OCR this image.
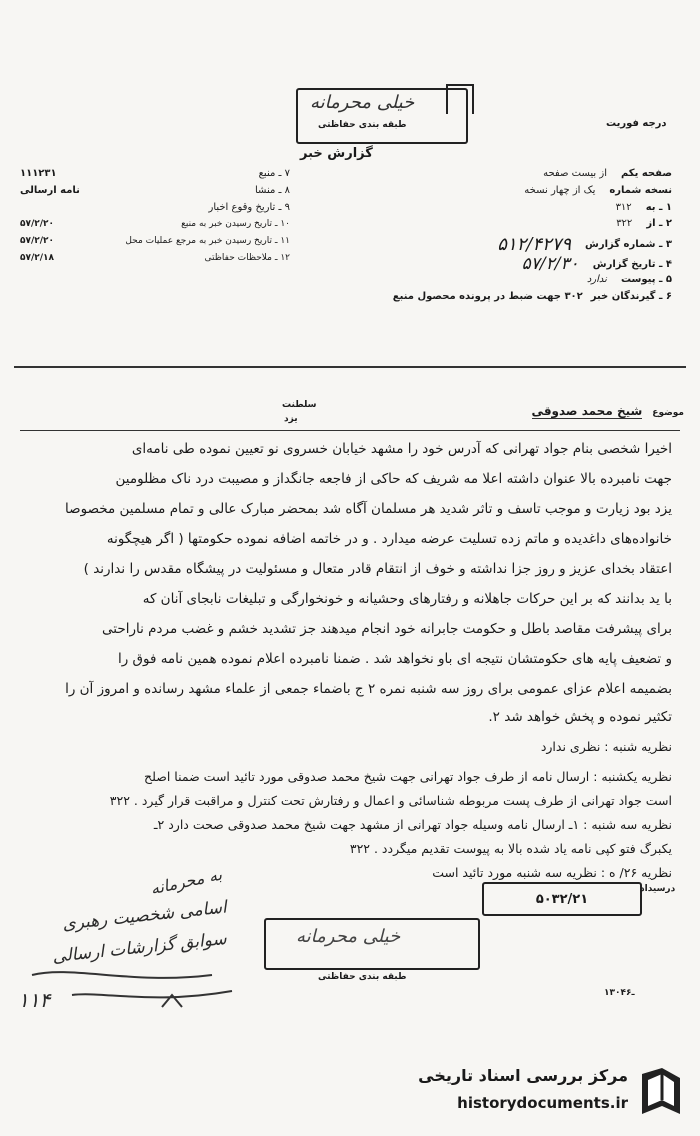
خیلی محرمانه
طبقه بندی حفاظتی
گزارش خبر
درجه فوریت
۷ ـ منبع
۱۱۱۲۳۱
۸ ـ منشا
نامه ارسالی
۹ ـ تاریخ وقوع اخبار
۱۰ ـ تاریخ رسیدن خبر به منبع
۵۷/۲/۲۰
۱۱ ـ تاریخ رسیدن خبر به مرجع عملیات محل
۵۷/۲/۲۰
۱۲ ـ ملاحظات حفاظتی
۵۷/۲/۱۸
صفحه یکم
از بیست صفحه
نسخه شماره
یک از چهار نسخه
۱ ـ به
۳۱۲
۲ ـ از
۳۲۲
۳ ـ شماره گزارش
۵۱۲/۴۲۷۹
۴ ـ تاریخ گزارش
۵۷/۲/۳۰
۵ ـ پیوست
ندارد
۶ ـ گیرندگان خبر
۳۰۲ جهت ضبط در پرونده محصول منبع
موضوع
شیخ محمد صدوقی
سلطنت
یزد
اخیرا شخصی بنام جواد تهرانی که آدرس خود را مشهد خیابان خسروی نو تعیین نموده طی نامه‌ای
جهت نامبرده بالا عنوان داشته اعلا مه شریف که حاکی از فاجعه جانگداز و مصیبت درد ناک مظلومین
یزد بود زیارت و موجب تاسف و تاثر شدید هر مسلمان آگاه شد بمحضر مبارک عالی و تمام مسلمین مخصوصا
خانواده‌های داغدیده و ماتم زده تسلیت عرضه میدارد . و در خاتمه اضافه نموده حکومتها ( اگر هیچگونه
اعتقاد بخدای عزیز و روز جزا نداشته و خوف از انتقام قادر متعال و مسئولیت در پیشگاه مقدس را ندارند )
با ید بدانند که بر این حرکات جاهلانه و رفتارهای وحشیانه و خونخوارگی و تبلیغات نابجای آنان که
برای پیشرفت مقاصد باطل و حکومت جابرانه خود انجام میدهند جز تشدید خشم و غضب مردم ناراحتی
و تضعیف پایه های حکومتشان نتیجه ای باو نخواهد شد . ضمنا نامبرده اعلام نموده همین نامه فوق را
بضمیمه اعلام عزای عمومی برای روز سه شنبه نمره ۲ ج باضماء جمعی از علماء مشهد رسانده و امروز آن را
تکثیر نموده و پخش خواهد شد ۲.
نظریه شنبه : نظری ندارد
نظریه یکشنبه : ارسال نامه از طرف جواد تهرانی جهت شیخ محمد صدوقی مورد تائید است ضمنا اصلح
است جواد تهرانی از طرف پست مربوطه شناسائی و اعمال و رفتارش تحت کنترل و مراقبت قرار گیرد . ۳۲۲
نظریه سه شنبه : ۱ـ ارسال نامه وسیله جواد تهرانی از مشهد جهت شیخ محمد صدوقی صحت دارد ۲ـ
یکبرگ فتو کپی نامه یاد شده بالا به پیوست تقدیم میگردد . ۳۲۲
نظریه ۲۶/ ه : نظریه سه شنبه مورد تائید است
به محرمانه
اسامی شخصیت رهبری
سوابق گزارشات ارسالی
۱۱۴
۵۰۳۲/۲۱
درسیداد
خیلی محرمانه
طبقه بندی حفاظتی
۱۳۰ـ۴۶
مرکز بررسی اسناد تاریخی
historydocuments.ir
